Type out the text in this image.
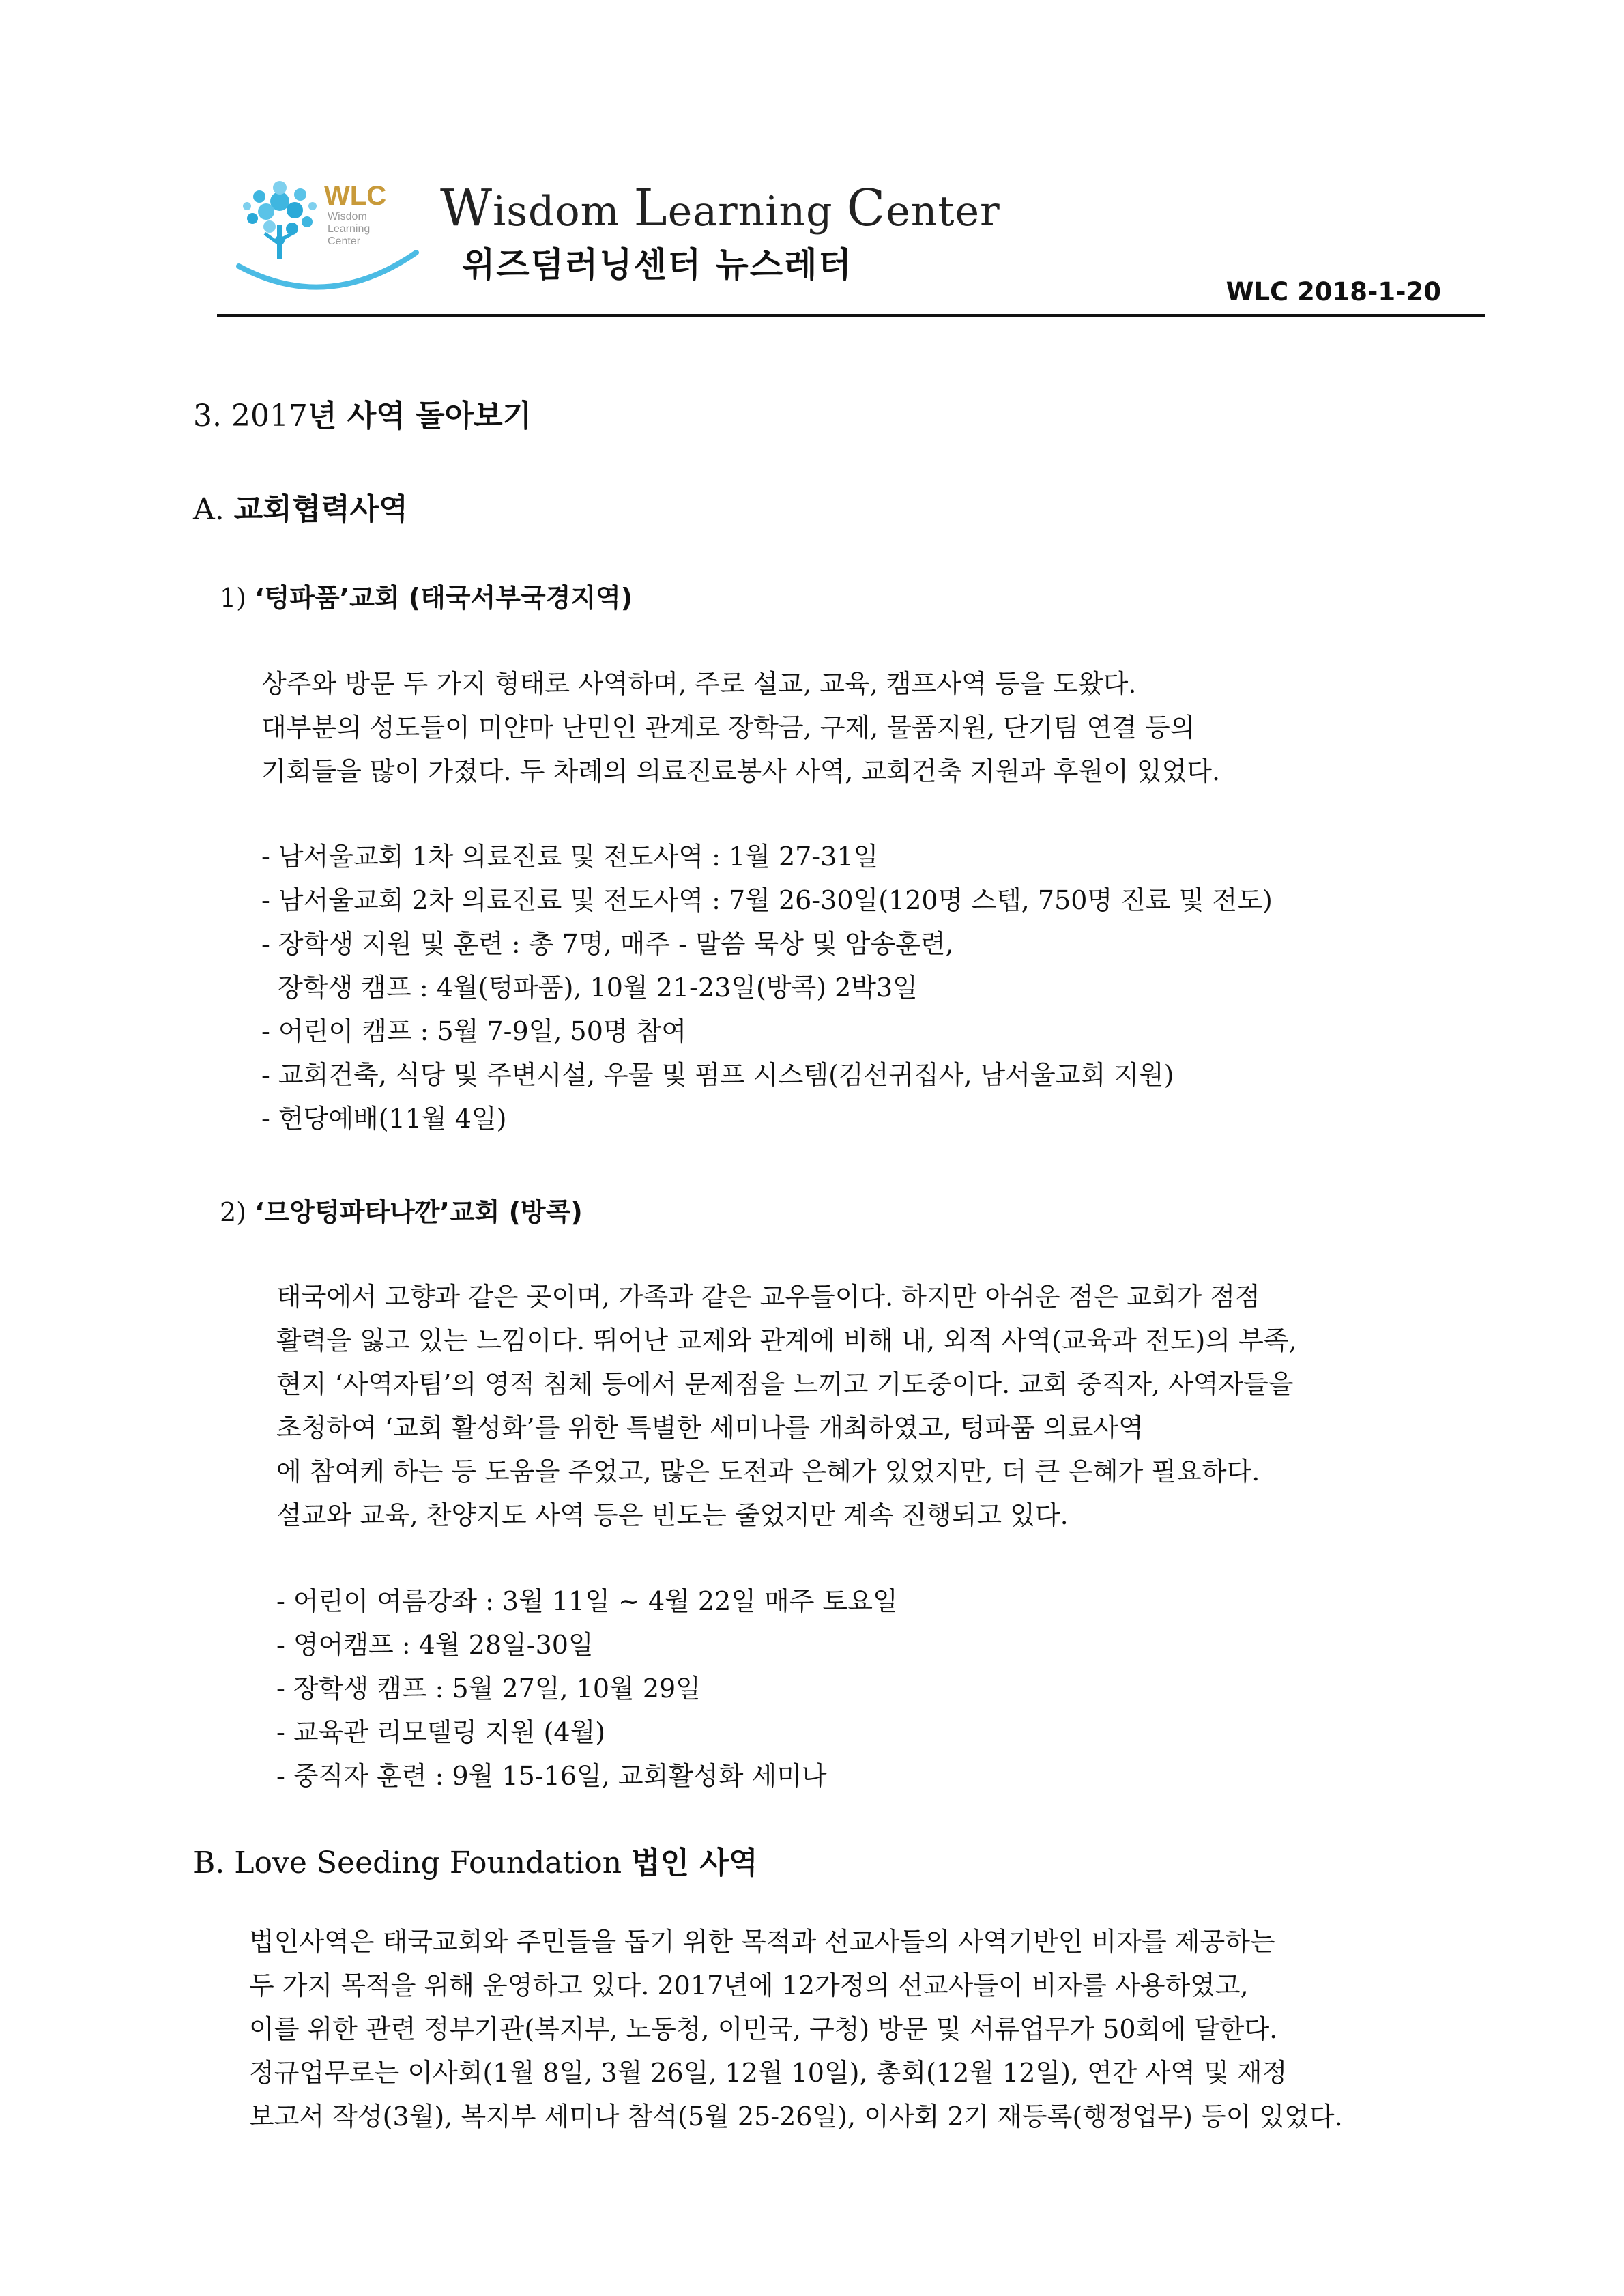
WLC
Wisdom
Learning
Center
Wisdom Learning Center
위즈덤러닝센터 뉴스레터
WLC 2018-1-20
3. 2017년 사역 돌아보기
A. 교회협력사역
1) ‘텅파품’교회 (태국서부국경지역)
상주와 방문 두 가지 형태로 사역하며, 주로 설교, 교육, 캠프사역 등을 도왔다.
대부분의 성도들이 미얀마 난민인 관계로 장학금, 구제, 물품지원, 단기팀 연결 등의
기회들을 많이 가졌다. 두 차례의 의료진료봉사 사역, 교회건축 지원과 후원이 있었다.
- 남서울교회 1차 의료진료 및 전도사역 : 1월 27-31일
- 남서울교회 2차 의료진료 및 전도사역 : 7월 26-30일(120명 스텝, 750명 진료 및 전도)
- 장학생 지원 및 훈련 : 총 7명, 매주 - 말씀 묵상 및 암송훈련,
장학생 캠프 : 4월(텅파품), 10월 21-23일(방콕) 2박3일
- 어린이 캠프 : 5월 7-9일, 50명 참여
- 교회건축, 식당 및 주변시설, 우물 및 펌프 시스템(김선귀집사, 남서울교회 지원)
- 헌당예배(11월 4일)
2) ‘므앙텅파타나깐’교회 (방콕)
태국에서 고향과 같은 곳이며, 가족과 같은 교우들이다. 하지만 아쉬운 점은 교회가 점점
활력을 잃고 있는 느낌이다. 뛰어난 교제와 관계에 비해 내, 외적 사역(교육과 전도)의 부족,
현지 ‘사역자팀’의 영적 침체 등에서 문제점을 느끼고 기도중이다. 교회 중직자, 사역자들을
초청하여 ‘교회 활성화’를 위한 특별한 세미나를 개최하였고, 텅파품 의료사역
에 참여케 하는 등 도움을 주었고, 많은 도전과 은혜가 있었지만, 더 큰 은혜가 필요하다.
설교와 교육, 찬양지도 사역 등은 빈도는 줄었지만 계속 진행되고 있다.
- 어린이 여름강좌 : 3월 11일 ~ 4월 22일 매주 토요일
- 영어캠프 : 4월 28일-30일
- 장학생 캠프 : 5월 27일, 10월 29일
- 교육관 리모델링 지원 (4월)
- 중직자 훈련 : 9월 15-16일, 교회활성화 세미나
B. Love Seeding Foundation 법인 사역
법인사역은 태국교회와 주민들을 돕기 위한 목적과 선교사들의 사역기반인 비자를 제공하는
두 가지 목적을 위해 운영하고 있다. 2017년에 12가정의 선교사들이 비자를 사용하였고,
이를 위한 관련 정부기관(복지부, 노동청, 이민국, 구청) 방문 및 서류업무가 50회에 달한다.
정규업무로는 이사회(1월 8일, 3월 26일, 12월 10일), 총회(12월 12일), 연간 사역 및 재정
보고서 작성(3월), 복지부 세미나 참석(5월 25-26일), 이사회 2기 재등록(행정업무) 등이 있었다.
